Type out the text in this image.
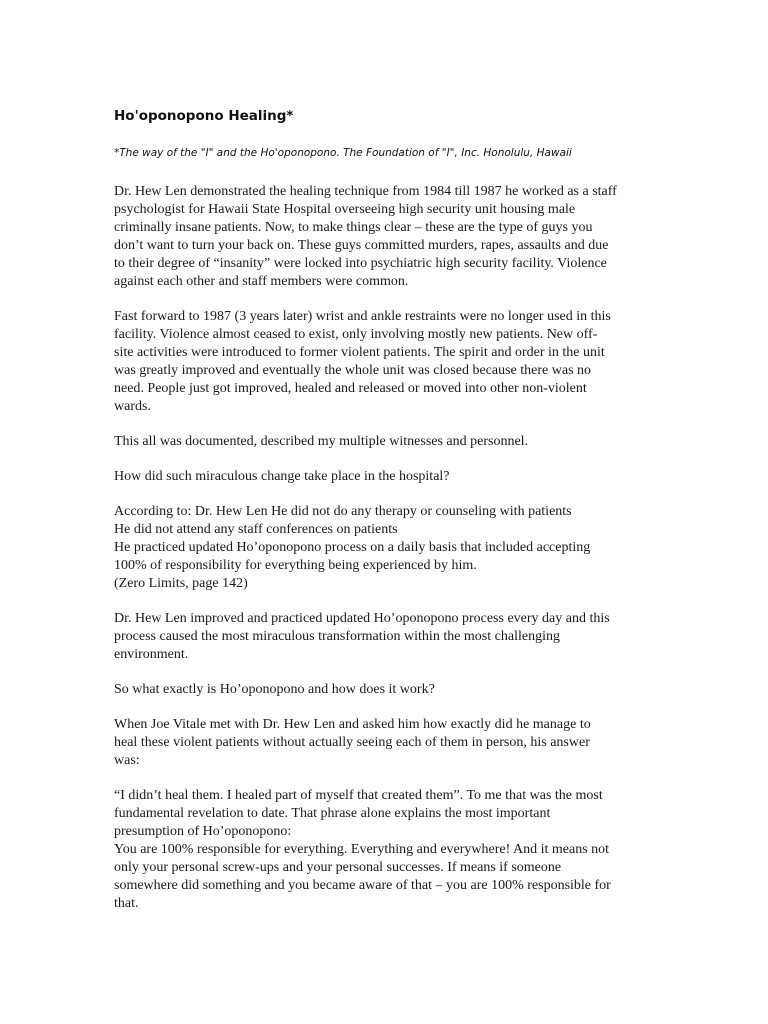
Ho'oponopono Healing*
*The way of the "I" and the Ho'oponopono. The Foundation of "I", Inc. Honolulu, Hawaii
Dr. Hew Len demonstrated the healing technique from 1984 till 1987 he worked as a staff
psychologist for Hawaii State Hospital overseeing high security unit housing male
criminally insane patients. Now, to make things clear – these are the type of guys you
don’t want to turn your back on. These guys committed murders, rapes, assaults and due
to their degree of “insanity” were locked into psychiatric high security facility. Violence
against each other and staff members were common.
Fast forward to 1987 (3 years later) wrist and ankle restraints were no longer used in this
facility. Violence almost ceased to exist, only involving mostly new patients. New off-
site activities were introduced to former violent patients. The spirit and order in the unit
was greatly improved and eventually the whole unit was closed because there was no
need. People just got improved, healed and released or moved into other non-violent
wards.
This all was documented, described my multiple witnesses and personnel.
How did such miraculous change take place in the hospital?
According to: Dr. Hew Len He did not do any therapy or counseling with patients
He did not attend any staff conferences on patients
He practiced updated Ho’oponopono process on a daily basis that included accepting
100% of responsibility for everything being experienced by him.
(Zero Limits, page 142)
Dr. Hew Len improved and practiced updated Ho’oponopono process every day and this
process caused the most miraculous transformation within the most challenging
environment.
So what exactly is Ho’oponopono and how does it work?
When Joe Vitale met with Dr. Hew Len and asked him how exactly did he manage to
heal these violent patients without actually seeing each of them in person, his answer
was:
“I didn’t heal them. I healed part of myself that created them”. To me that was the most
fundamental revelation to date. That phrase alone explains the most important
presumption of Ho’oponopono:
You are 100% responsible for everything. Everything and everywhere! And it means not
only your personal screw-ups and your personal successes. If means if someone
somewhere did something and you became aware of that – you are 100% responsible for
that.
